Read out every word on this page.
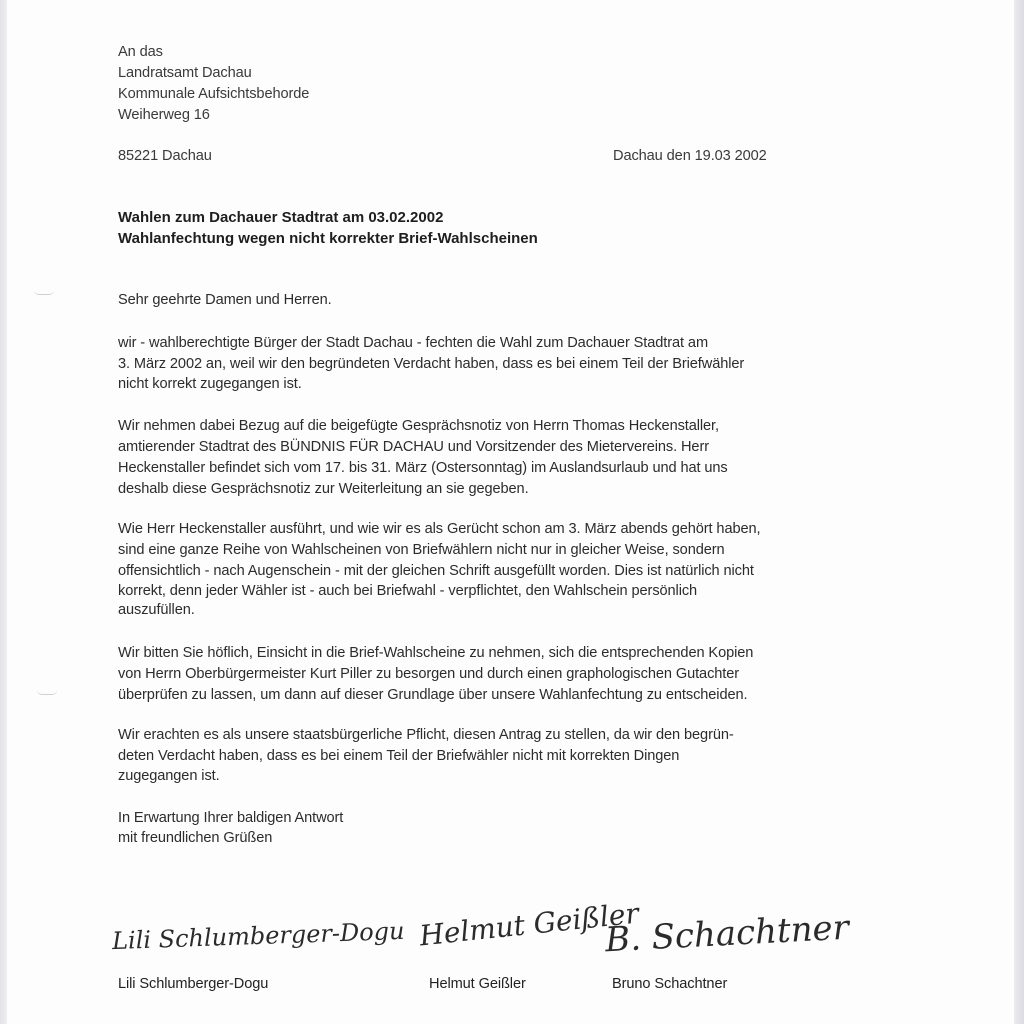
An das
Landratsamt Dachau
Kommunale Aufsichtsbehorde
Weiherweg 16
85221 Dachau	Dachau den 19.03 2002
Wahlen zum Dachauer Stadtrat am 03.02.2002
Wahlanfechtung wegen nicht korrekter Brief-Wahlscheinen
Sehr geehrte Damen und Herren.
wir - wahlberechtigte Bürger der Stadt Dachau - fechten die Wahl zum Dachauer Stadtrat am
3. März 2002 an, weil wir den begründeten Verdacht haben, dass es bei einem Teil der Briefwähler
nicht korrekt zugegangen ist.
Wir nehmen dabei Bezug auf die beigefügte Gesprächsnotiz von Herrn Thomas Heckenstaller,
amtierender Stadtrat des BÜNDNIS FÜR DACHAU und Vorsitzender des Mietervereins. Herr
Heckenstaller befindet sich vom 17. bis 31. März (Ostersonntag) im Auslandsurlaub und hat uns
deshalb diese Gesprächsnotiz zur Weiterleitung an sie gegeben.
Wie Herr Heckenstaller ausführt, und wie wir es als Gerücht schon am 3. März abends gehört haben,
sind eine ganze Reihe von Wahlscheinen von Briefwählern nicht nur in gleicher Weise, sondern
offensichtlich - nach Augenschein - mit der gleichen Schrift ausgefüllt worden. Dies ist natürlich nicht
korrekt, denn jeder Wähler ist - auch bei Briefwahl - verpflichtet, den Wahlschein persönlich
auszufüllen.
Wir bitten Sie höflich, Einsicht in die Brief-Wahlscheine zu nehmen, sich die entsprechenden Kopien
von Herrn Oberbürgermeister Kurt Piller zu besorgen und durch einen graphologischen Gutachter
überprüfen zu lassen, um dann auf dieser Grundlage über unsere Wahlanfechtung zu entscheiden.
Wir erachten es als unsere staatsbürgerliche Pflicht, diesen Antrag zu stellen, da wir den begrün-
deten Verdacht haben, dass es bei einem Teil der Briefwähler nicht mit korrekten Dingen
zugegangen ist.
In Erwartung Ihrer baldigen Antwort
mit freundlichen Grüßen
Lili Schlumberger-Dogu
Lili Schlumberger-Dogu
Helmut Geißler
Helmut Geißler
B. Schachtner
Bruno Schachtner
